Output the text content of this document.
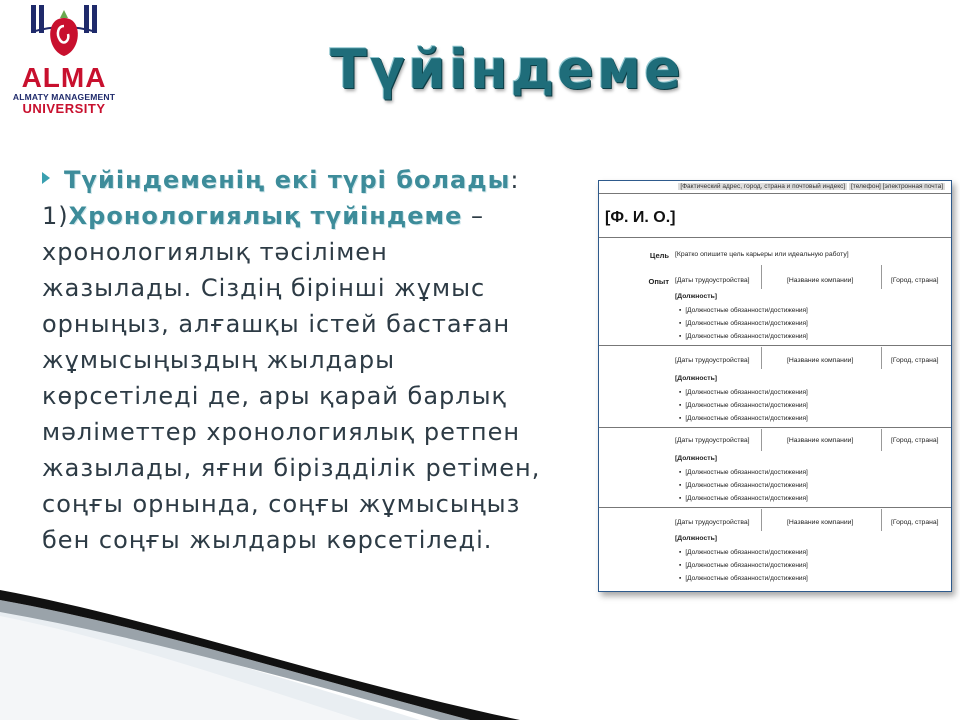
ALMA
ALMATY MANAGEMENT
UNIVERSITY
Түйіндеме
Түйіндеменің екі түрі болады:
1)Хронологиялық түйіндеме –
хронологиялық тәсілімен
жазылады. Сіздің бірінші жұмыс
орныңыз, алғашқы істей бастаған
жұмысыңыздың жылдары
көрсетіледі де, ары қарай барлық
мәліметтер хронологиялық ретпен
жазылады, яғни біріздділік ретімен,
соңғы орнында, соңғы жұмысыңыз
бен соңғы жылдары көрсетіледі.
[Фактический адрес, город, страна и почтовый индекс] [телефон] [электронная почта]
[Ф. И. О.]
Цель [Кратко опишите цель карьеры или идеальную работу]
Опыт [Даты трудоустройства]	[Название компании]	[Город, страна]
[Должность]
▪ [Должностные обязанности/достижения]
▪ [Должностные обязанности/достижения]
▪ [Должностные обязанности/достижения]
[Даты трудоустройства]	[Название компании]	[Город, страна]
[Должность]
▪ [Должностные обязанности/достижения]
▪ [Должностные обязанности/достижения]
▪ [Должностные обязанности/достижения]
[Даты трудоустройства]	[Название компании]	[Город, страна]
[Должность]
▪ [Должностные обязанности/достижения]
▪ [Должностные обязанности/достижения]
▪ [Должностные обязанности/достижения]
[Даты трудоустройства]	[Название компании]	[Город, страна]
[Должность]
▪ [Должностные обязанности/достижения]
▪ [Должностные обязанности/достижения]
▪ [Должностные обязанности/достижения]
